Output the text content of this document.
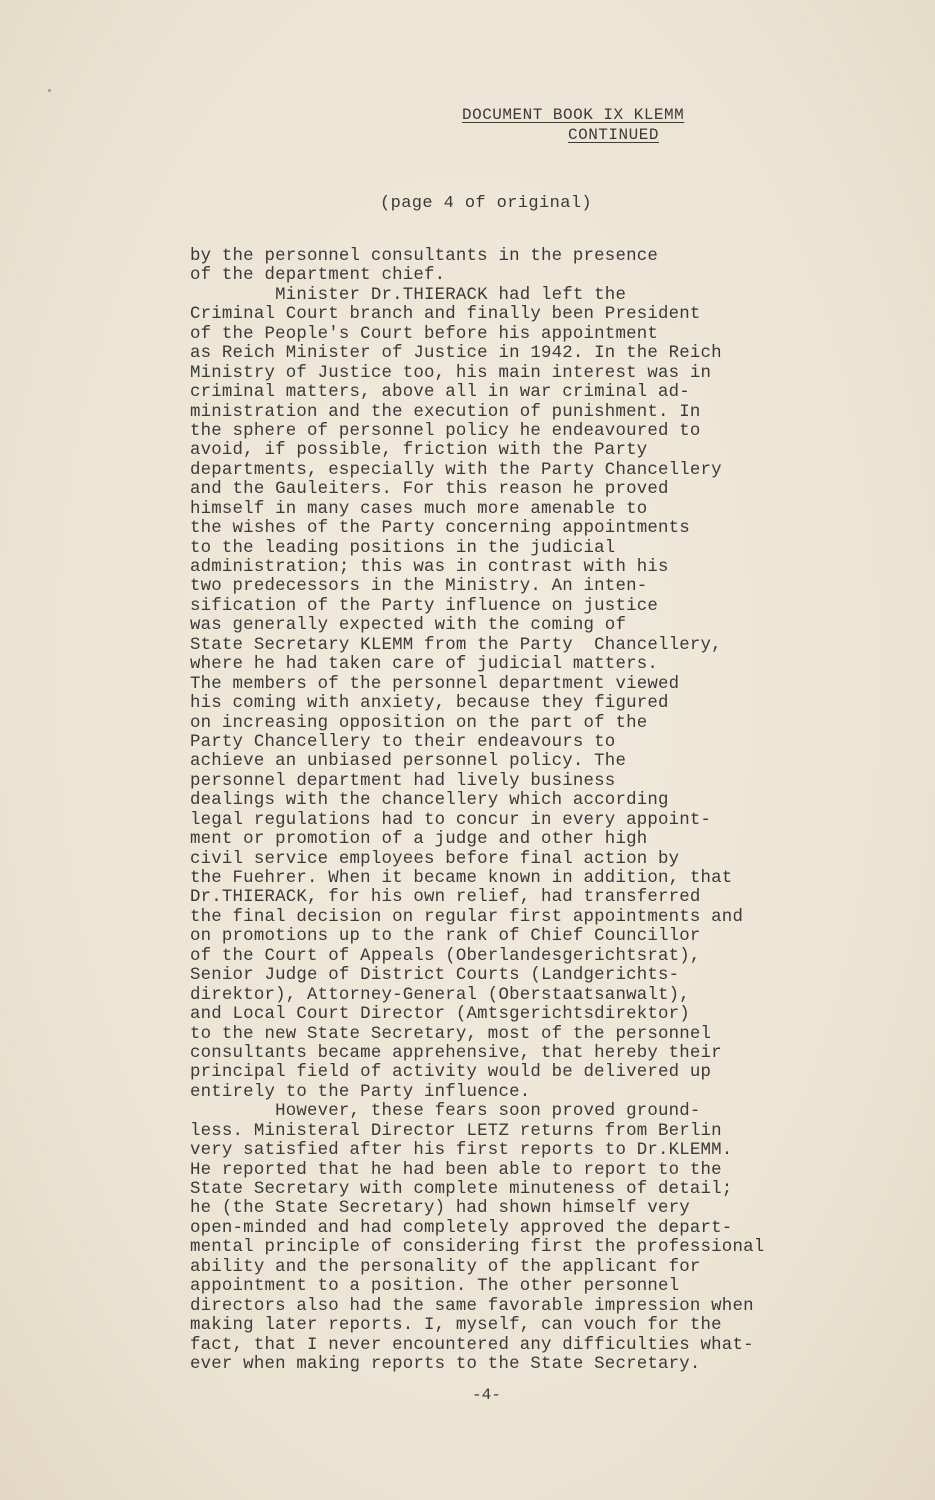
DOCUMENT BOOK IX KLEMM
CONTINUED
(page 4 of original)
by the personnel consultants in the presence
of the department chief.
Minister Dr.THIERACK had left the
Criminal Court branch and finally been President
of the People's Court before his appointment
as Reich Minister of Justice in 1942. In the Reich
Ministry of Justice too, his main interest was in
criminal matters, above all in war criminal ad-
ministration and the execution of punishment. In
the sphere of personnel policy he endeavoured to
avoid, if possible, friction with the Party
departments, especially with the Party Chancellery
and the Gauleiters. For this reason he proved
himself in many cases much more amenable to
the wishes of the Party concerning appointments
to the leading positions in the judicial
administration; this was in contrast with his
two predecessors in the Ministry. An inten-
sification of the Party influence on justice
was generally expected with the coming of
State Secretary KLEMM from the Party  Chancellery,
where he had taken care of judicial matters.
The members of the personnel department viewed
his coming with anxiety, because they figured
on increasing opposition on the part of the
Party Chancellery to their endeavours to
achieve an unbiased personnel policy. The
personnel department had lively business
dealings with the chancellery which according
legal regulations had to concur in every appoint-
ment or promotion of a judge and other high
civil service employees before final action by
the Fuehrer. When it became known in addition, that
Dr.THIERACK, for his own relief, had transferred
the final decision on regular first appointments and
on promotions up to the rank of Chief Councillor
of the Court of Appeals (Oberlandesgerichtsrat),
Senior Judge of District Courts (Landgerichts-
direktor), Attorney-General (Oberstaatsanwalt),
and Local Court Director (Amtsgerichtsdirektor)
to the new State Secretary, most of the personnel
consultants became apprehensive, that hereby their
principal field of activity would be delivered up
entirely to the Party influence.
However, these fears soon proved ground-
less. Ministeral Director LETZ returns from Berlin
very satisfied after his first reports to Dr.KLEMM.
He reported that he had been able to report to the
State Secretary with complete minuteness of detail;
he (the State Secretary) had shown himself very
open-minded and had completely approved the depart-
mental principle of considering first the professional
ability and the personality of the applicant for
appointment to a position. The other personnel
directors also had the same favorable impression when
making later reports. I, myself, can vouch for the
fact, that I never encountered any difficulties what-
ever when making reports to the State Secretary.
-4-
